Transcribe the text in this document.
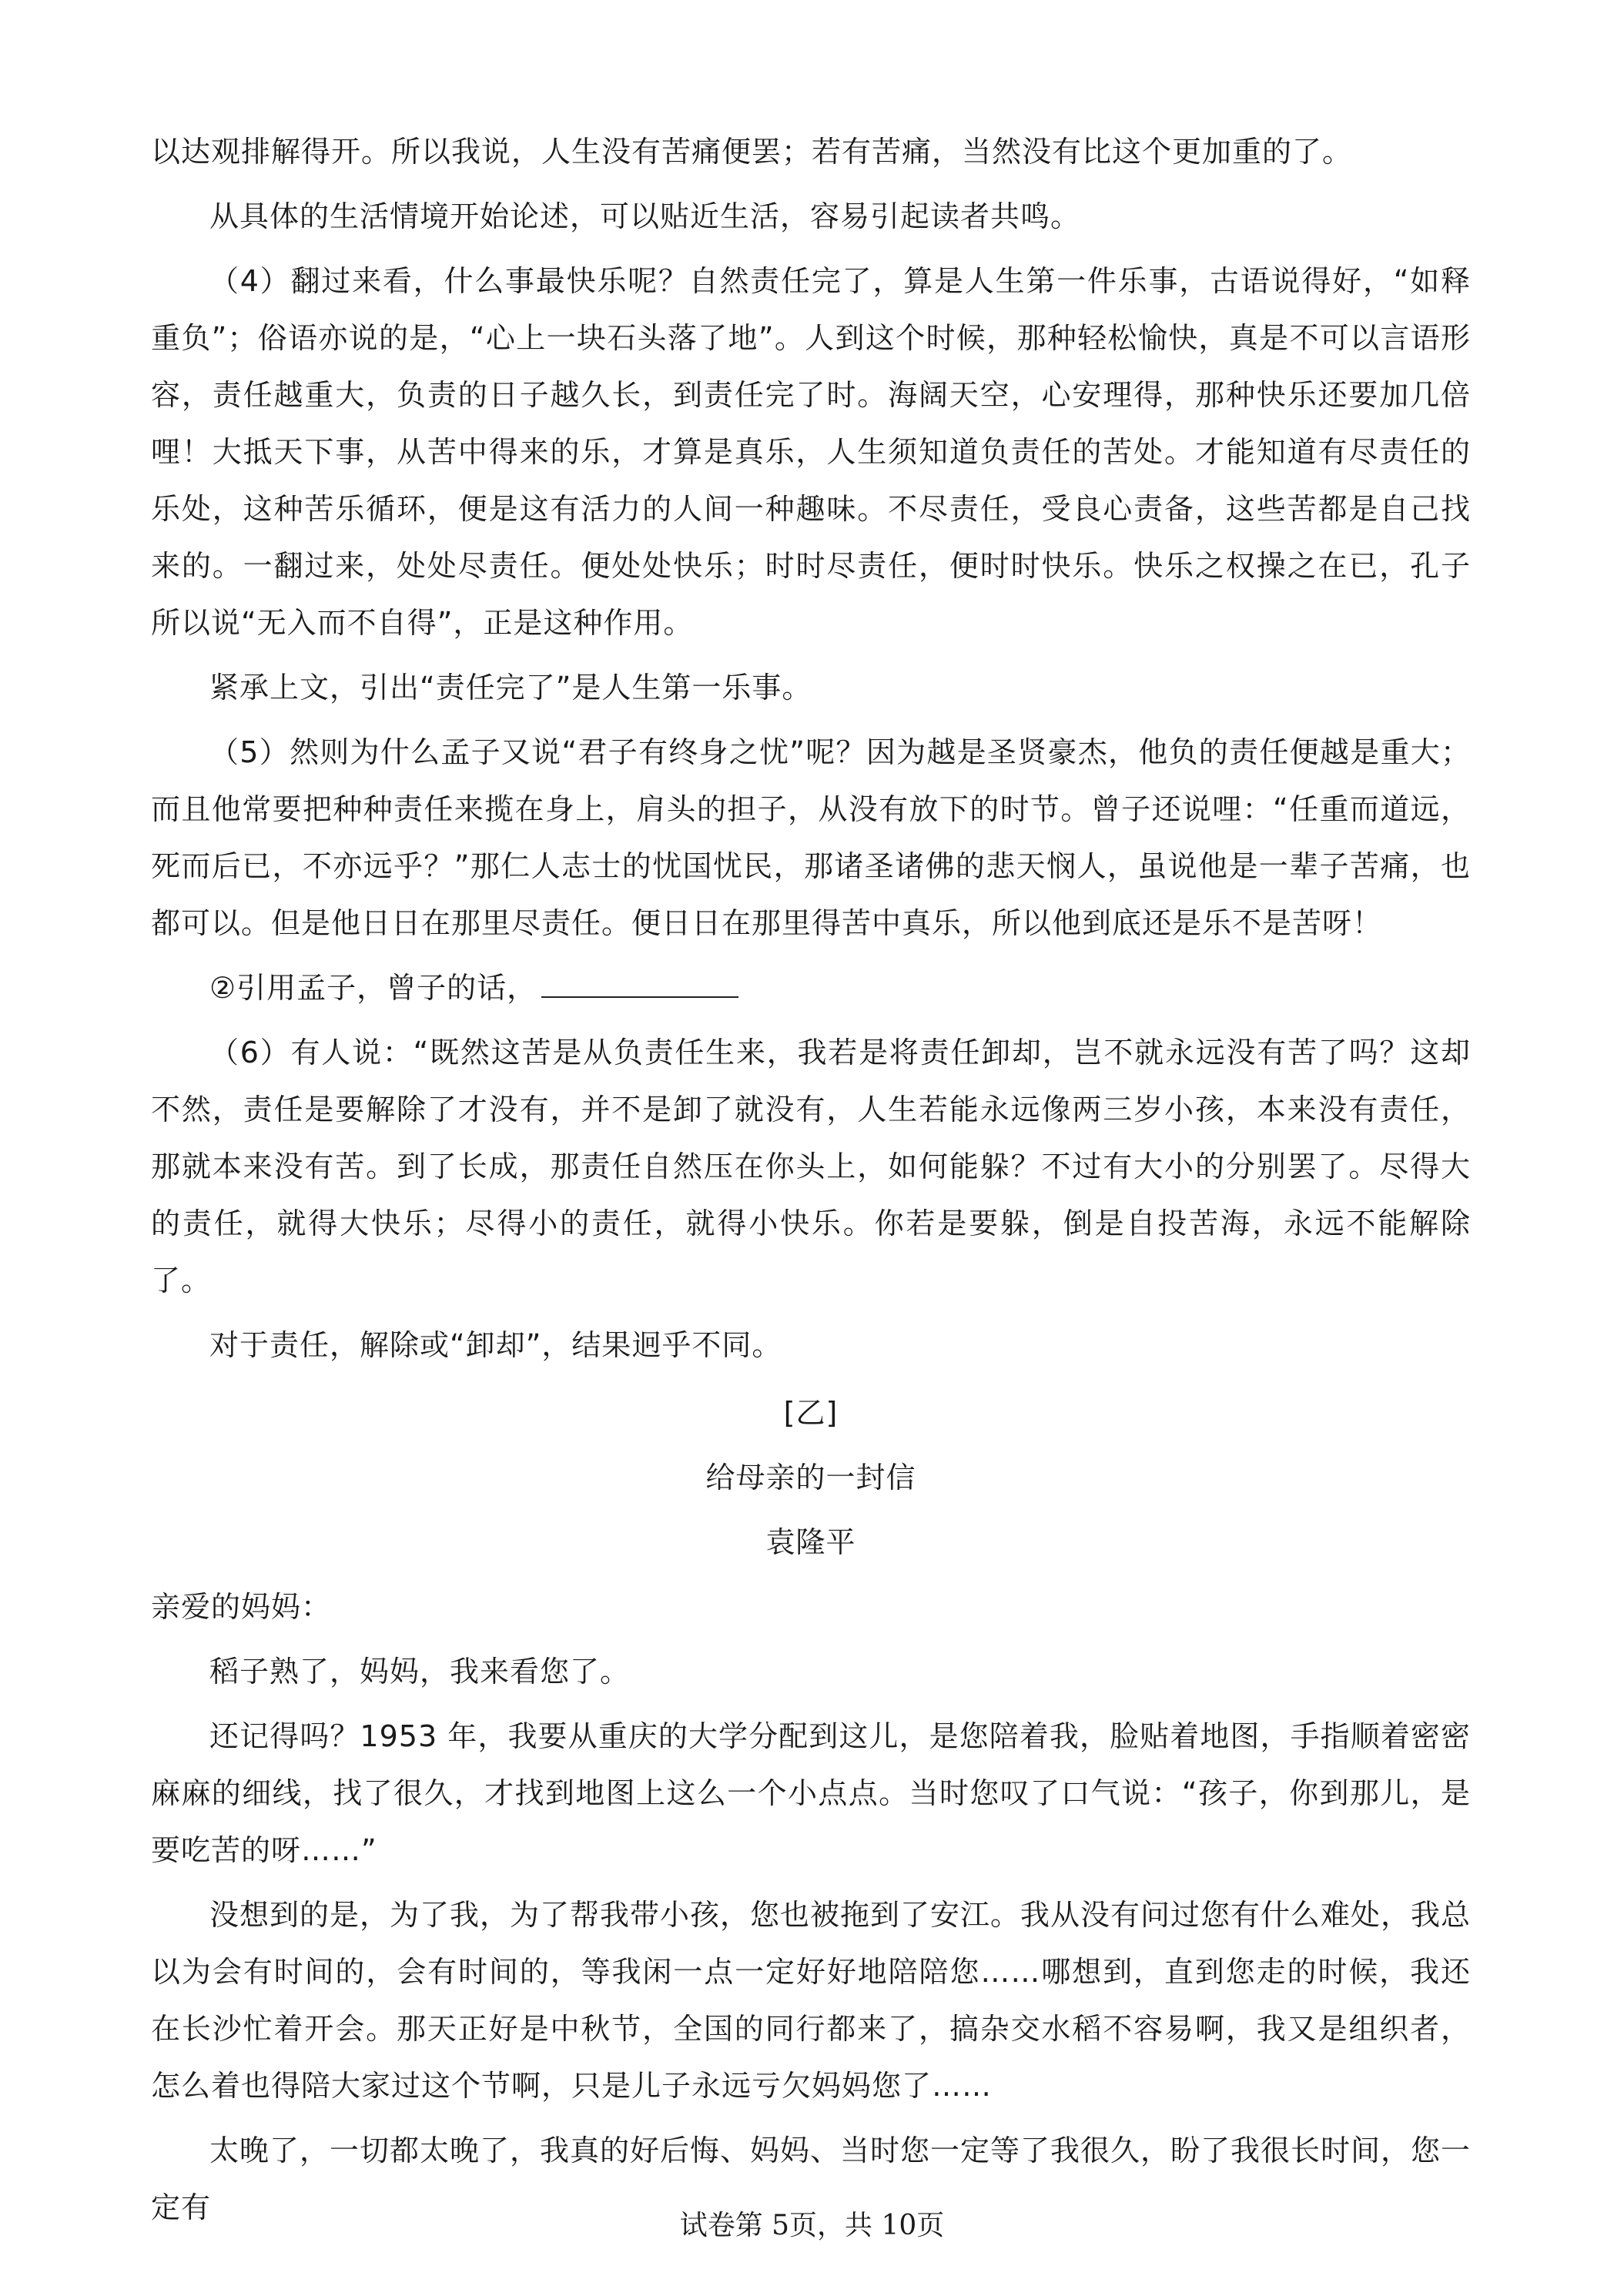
以达观排解得开。所以我说，人生没有苦痛便罢；若有苦痛，当然没有比这个更加重的了。

从具体的生活情境开始论述，可以贴近生活，容易引起读者共鸣。

（4）翻过来看，什么事最快乐呢？自然责任完了，算是人生第一件乐事，古语说得好，“如释重负”；俗语亦说的是，“心上一块石头落了地”。人到这个时候，那种轻松愉快，真是不可以言语形容，责任越重大，负责的日子越久长，到责任完了时。海阔天空，心安理得，那种快乐还要加几倍哩！大抵天下事，从苦中得来的乐，才算是真乐，人生须知道负责任的苦处。才能知道有尽责任的乐处，这种苦乐循环，便是这有活力的人间一种趣味。不尽责任，受良心责备，这些苦都是自己找来的。一翻过来，处处尽责任。便处处快乐；时时尽责任，便时时快乐。快乐之权操之在已，孔子所以说“无入而不自得”，正是这种作用。

紧承上文，引出“责任完了”是人生第一乐事。

（5）然则为什么孟子又说“君子有终身之忧”呢？因为越是圣贤豪杰，他负的责任便越是重大；而且他常要把种种责任来揽在身上，肩头的担子，从没有放下的时节。曾子还说哩：“任重而道远，死而后已，不亦远乎？”那仁人志士的忧国忧民，那诸圣诸佛的悲天悯人，虽说他是一辈子苦痛，也都可以。但是他日日在那里尽责任。便日日在那里得苦中真乐，所以他到底还是乐不是苦呀！

②引用孟子，曾子的话，

（6）有人说：“既然这苦是从负责任生来，我若是将责任卸却，岂不就永远没有苦了吗？这却不然，责任是要解除了才没有，并不是卸了就没有，人生若能永远像两三岁小孩，本来没有责任，那就本来没有苦。到了长成，那责任自然压在你头上，如何能躲？不过有大小的分别罢了。尽得大的责任，就得大快乐；尽得小的责任，就得小快乐。你若是要躲，倒是自投苦海，永远不能解除了。

对于责任，解除或“卸却”，结果迥乎不同。

[乙]

给母亲的一封信

袁隆平

亲爱的妈妈：

稻子熟了，妈妈，我来看您了。

还记得吗？1953 年，我要从重庆的大学分配到这儿，是您陪着我，脸贴着地图，手指顺着密密麻麻的细线，找了很久，才找到地图上这么一个小点点。当时您叹了口气说：“孩子，你到那儿，是要吃苦的呀……”

没想到的是，为了我，为了帮我带小孩，您也被拖到了安江。我从没有问过您有什么难处，我总以为会有时间的，会有时间的，等我闲一点一定好好地陪陪您……哪想到，直到您走的时候，我还在长沙忙着开会。那天正好是中秋节，全国的同行都来了，搞杂交水稻不容易啊，我又是组织者，怎么着也得陪大家过这个节啊，只是儿子永远亏欠妈妈您了……

太晚了，一切都太晚了，我真的好后悔、妈妈、当时您一定等了我很久，盼了我很长时间，您一定有

试卷第 5页，共 10页
